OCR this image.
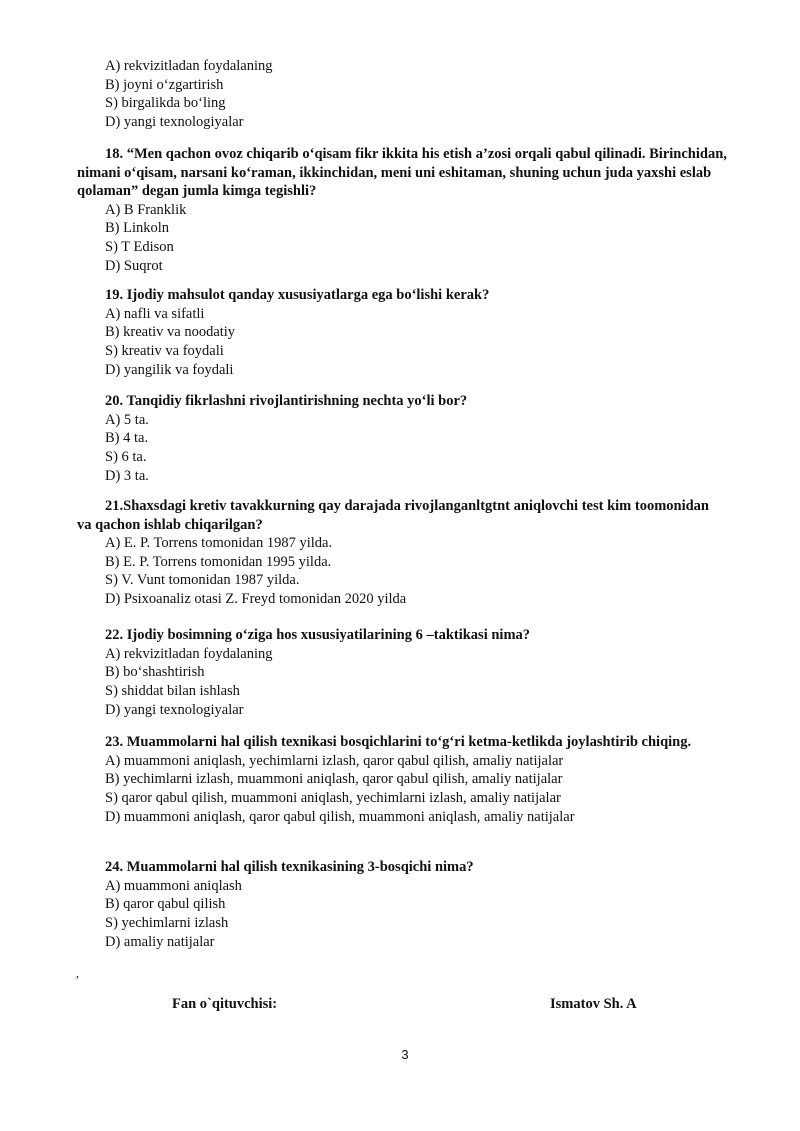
A) rekvizitladan foydalaning
B) joyni o‘zgartirish
S) birgalikda bo‘ling
D) yangi texnologiyalar
18. “Men qachon ovoz chiqarib o‘qisam fikr ikkita his etish a’zosi orqali qabul qilinadi. Birinchidan, nimani o‘qisam, narsani ko‘raman, ikkinchidan, meni uni eshitaman, shuning uchun juda yaxshi eslab qolaman” degan jumla kimga tegishli?
A) B Franklik
B) Linkoln
S) T Edison
D) Suqrot
19. Ijodiy mahsulot qanday xususiyatlarga ega bo‘lishi kerak?
A) nafli va sifatli
B) kreativ va noodatiy
S) kreativ va foydali
D) yangilik va foydali
20. Tanqidiy fikrlashni rivojlantirishning nechta yo‘li bor?
A) 5 ta.
B) 4 ta.
S) 6 ta.
D) 3 ta.
21.Shaxsdagi kretiv tavakkurning qay darajada rivojlanganltgtnt aniqlovchi test kim toomonidan va qachon ishlab chiqarilgan?
A) E. P. Torrens tomonidan 1987 yilda.
B) E. P. Torrens tomonidan 1995 yilda.
S) V. Vunt tomonidan 1987 yilda.
D) Psixoanaliz otasi Z. Freyd tomonidan 2020 yilda
22. Ijodiy bosimning o‘ziga hos xususiyatilarining 6 –taktikasi nima?
A) rekvizitladan foydalaning
B) bo‘shashtirish
S) shiddat bilan ishlash
D) yangi texnologiyalar
23. Muammolarni hal qilish texnikasi bosqichlarini to‘g‘ri ketma-ketlikda joylashtirib chiqing.
A) muammoni aniqlash, yechimlarni izlash, qaror qabul qilish, amaliy natijalar
B) yechimlarni izlash, muammoni aniqlash, qaror qabul qilish, amaliy natijalar
S) qaror qabul qilish, muammoni aniqlash, yechimlarni izlash, amaliy natijalar
D) muammoni aniqlash, qaror qabul qilish, muammoni aniqlash, amaliy natijalar
24. Muammolarni hal qilish texnikasining 3-bosqichi nima?
A) muammoni aniqlash
B) qaror qabul qilish
S) yechimlarni izlash
D) amaliy natijalar
,
Fan o`qituvchisi:	Ismatov Sh. A
3
